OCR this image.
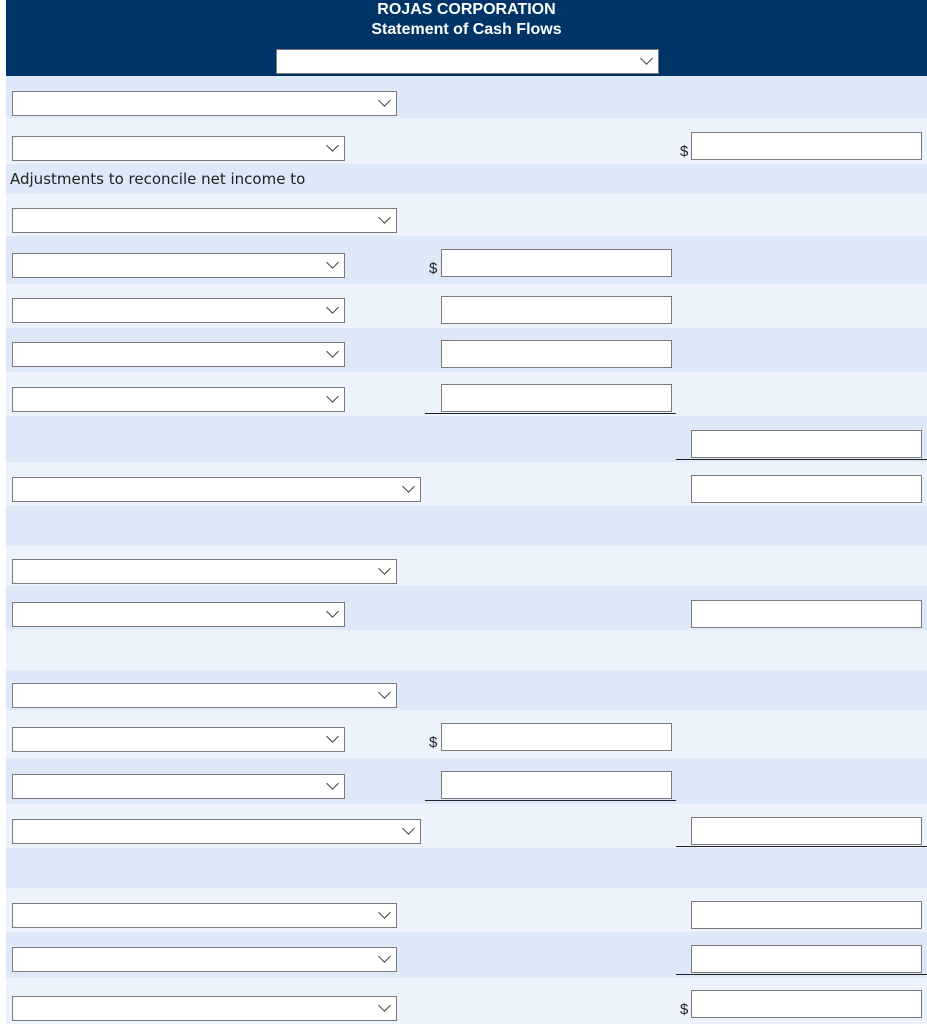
ROJAS CORPORATION
Statement of Cash Flows
$
Adjustments to reconcile net income to
$
$
$
